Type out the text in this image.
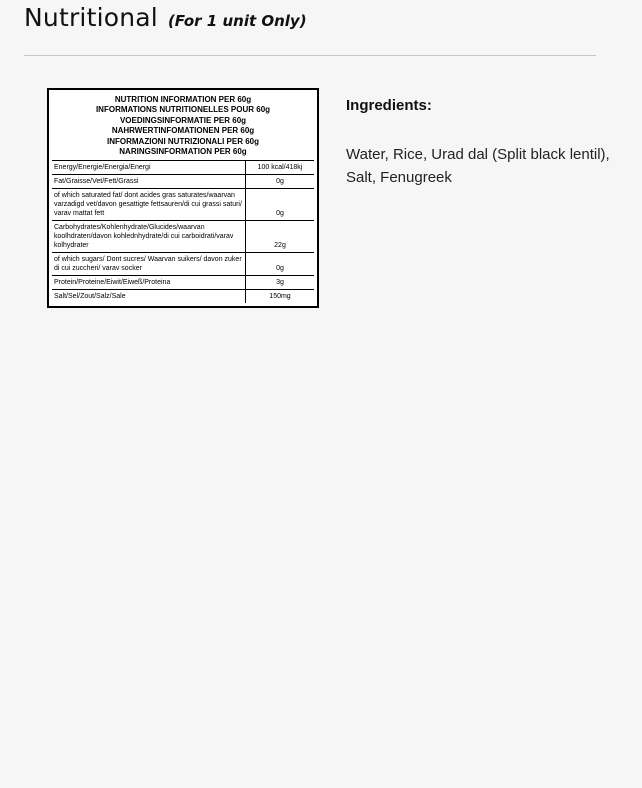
Nutritional (For 1 unit Only)
NUTRITION INFORMATION PER 60g
INFORMATIONS NUTRITIONELLES POUR 60g
VOEDINGSINFORMATIE PER 60g
NAHRWERTINFOMATIONEN PER 60g
INFORMAZIONI NUTRIZIONALI PER 60g
NARINGSINFORMATION PER 60g
Energy/Energie/Energia/Energi	100 kcal/418kj
Fat/Graisse/Vet/Fett/Grassi	0g
of which saturated fat/ dont acides gras saturates/waarvan varzadigd vet/davon gesattigte fettsauren/di cui grassi saturi/ varav mattat fett	0g
Carbohydrates/Kohlenhydrate/Glucides/waarvan koolhdraten/davon kohlednhydrate/di cui carboidrati/varav kolhydrater	22g
of which sugars/ Dont sucres/ Waarvan suikers/ davon zuker di cui zuccheri/ varav socker	0g
Protein/Proteine/Eiwit/Eiweß/Proteina	3g
Salt/Sel/Zout/Salz/Sale	150mg
Ingredients:
Water, Rice, Urad dal (Split black lentil), Salt, Fenugreek
